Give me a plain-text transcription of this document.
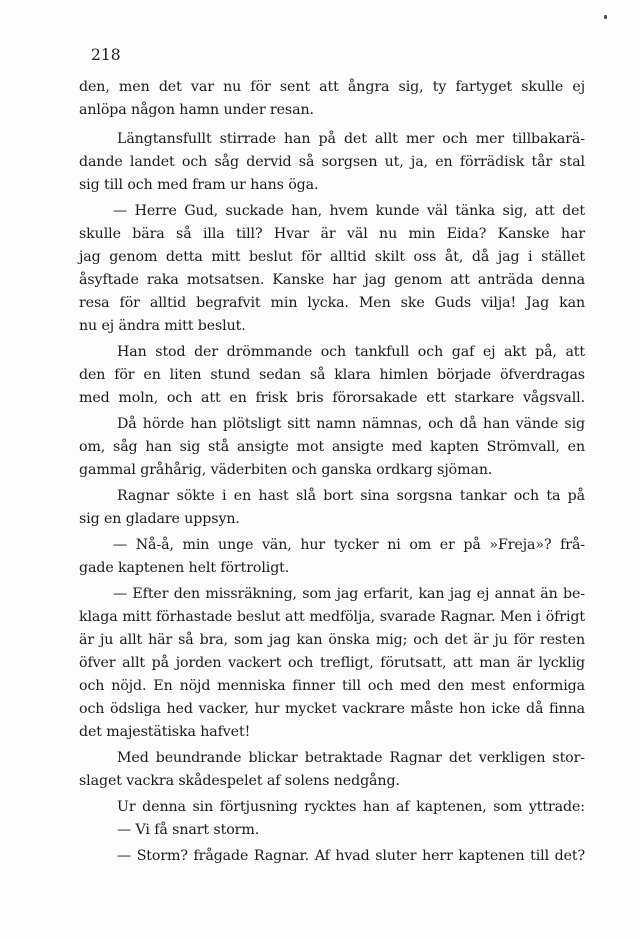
218
den, men det var nu för sent att ångra sig, ty fartyget skulle ej
anlöpa någon hamn under resan.
Längtansfullt stirrade han på det allt mer och mer tillbakarä-
dande landet och såg dervid så sorgsen ut, ja, en förrädisk tår stal
sig till och med fram ur hans öga.
— Herre Gud, suckade han, hvem kunde väl tänka sig, att det
skulle bära så illa till? Hvar är väl nu min Eida? Kanske har
jag genom detta mitt beslut för alltid skilt oss åt, då jag i stället
åsyftade raka motsatsen. Kanske har jag genom att anträda denna
resa för alltid begrafvit min lycka. Men ske Guds vilja! Jag kan
nu ej ändra mitt beslut.
Han stod der drömmande och tankfull och gaf ej akt på, att
den för en liten stund sedan så klara himlen började öfverdragas
med moln, och att en frisk bris förorsakade ett starkare vågsvall.
Då hörde han plötsligt sitt namn nämnas, och då han vände sig
om, såg han sig stå ansigte mot ansigte med kapten Strömvall, en
gammal gråhårig, väderbiten och ganska ordkarg sjöman.
Ragnar sökte i en hast slå bort sina sorgsna tankar och ta på
sig en gladare uppsyn.
— Nå-å, min unge vän, hur tycker ni om er på »Freja»? frå-
gade kaptenen helt förtroligt.
— Efter den missräkning, som jag erfarit, kan jag ej annat än be-
klaga mitt förhastade beslut att medfölja, svarade Ragnar. Men i öfrigt
är ju allt här så bra, som jag kan önska mig; och det är ju för resten
öfver allt på jorden vackert och trefligt, förutsatt, att man är lycklig
och nöjd. En nöjd menniska finner till och med den mest enformiga
och ödsliga hed vacker, hur mycket vackrare måste hon icke då finna
det majestätiska hafvet!
Med beundrande blickar betraktade Ragnar det verkligen stor-
slaget vackra skådespelet af solens nedgång.
Ur denna sin förtjusning rycktes han af kaptenen, som yttrade:
— Vi få snart storm.
— Storm? frågade Ragnar. Af hvad sluter herr kaptenen till det?
